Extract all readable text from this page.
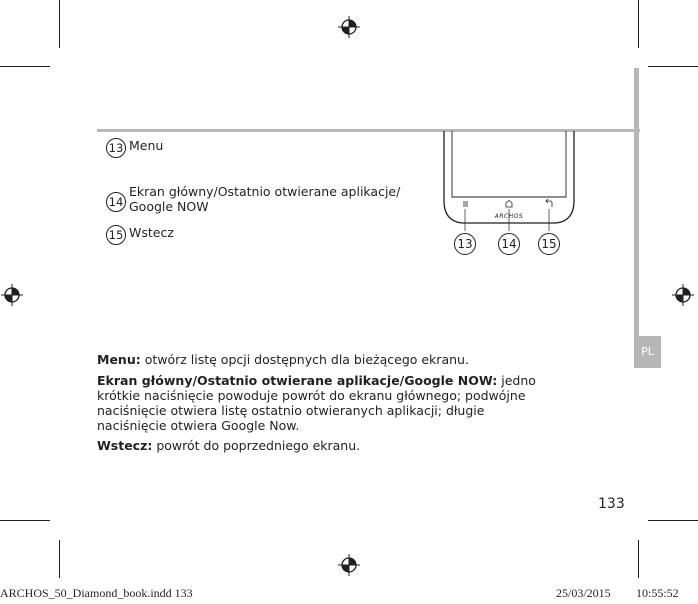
PL
13 Menu
14
Ekran główny/Ostatnio otwierane aplikacje/
Google NOW
15 Wstecz
ARCHOS
13 14 15
Menu: otwórz listę opcji dostępnych dla bieżącego ekranu.
Ekran główny/Ostatnio otwierane aplikacje/Google NOW: jedno krótkie naciśnięcie powoduje powrót do ekranu głównego; podwójne naciśnięcie otwiera listę ostatnio otwieranych aplikacji; długie naciśnięcie otwiera Google Now.
Wstecz: powrót do poprzedniego ekranu.
133
ARCHOS_50_Diamond_book.indd 133	25/03/2015 10:55:52
